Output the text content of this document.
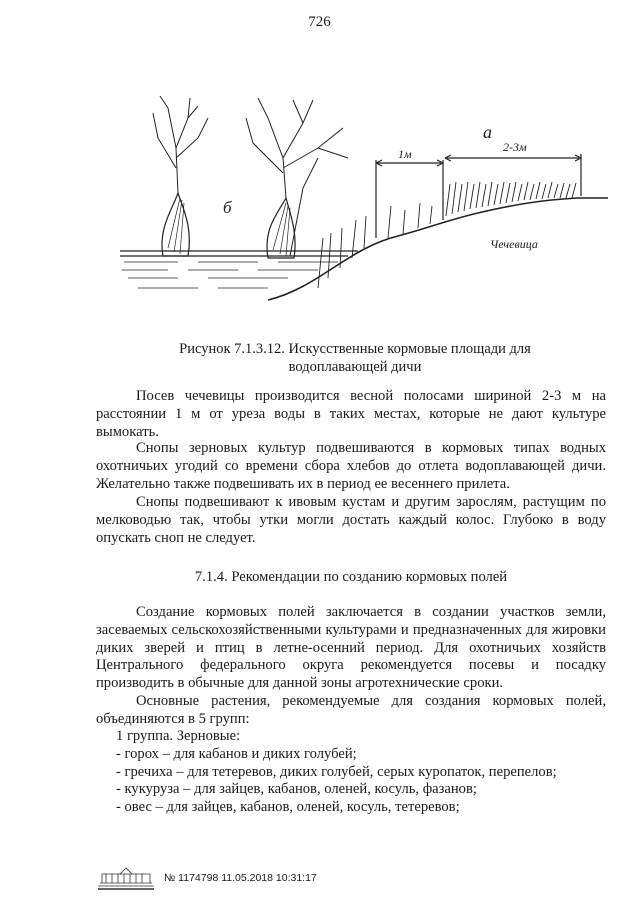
726
а
б
1м	2-3м
Чечевица
Рисунок 7.1.3.12. Искусственные кормовые площади для
водоплавающей дичи

Посев чечевицы производится весной полосами шириной 2-3 м на расстоянии 1 м от уреза воды в таких местах, которые не дают культуре вымокать.

Снопы зерновых культур подвешиваются в кормовых типах водных охотничьих угодий со времени сбора хлебов до отлета водоплавающей дичи. Желательно также подвешивать их в период ее весеннего прилета.

Снопы подвешивают к ивовым кустам и другим зарослям, растущим по мелководью так, чтобы утки могли достать каждый колос. Глубоко в воду опускать сноп не следует.

7.1.4. Рекомендации по созданию кормовых полей

Создание кормовых полей заключается в создании участков земли, засеваемых сельскохозяйственными культурами и предназначенных для жировки диких зверей и птиц в летне-осенний период. Для охотничьих хозяйств Центрального федерального округа рекомендуется посевы и посадку производить в обычные для данной зоны агротехнические сроки.

Основные растения, рекомендуемые для создания кормовых полей, объединяются в 5 групп:

1 группа. Зерновые:
- горох – для кабанов и диких голубей;
- гречиха – для тетеревов, диких голубей, серых куропаток, перепелов;
- кукуруза – для зайцев, кабанов, оленей, косуль, фазанов;
- овес – для зайцев, кабанов, оленей, косуль, тетеревов;
№ 1174798 11.05.2018 10:31:17
